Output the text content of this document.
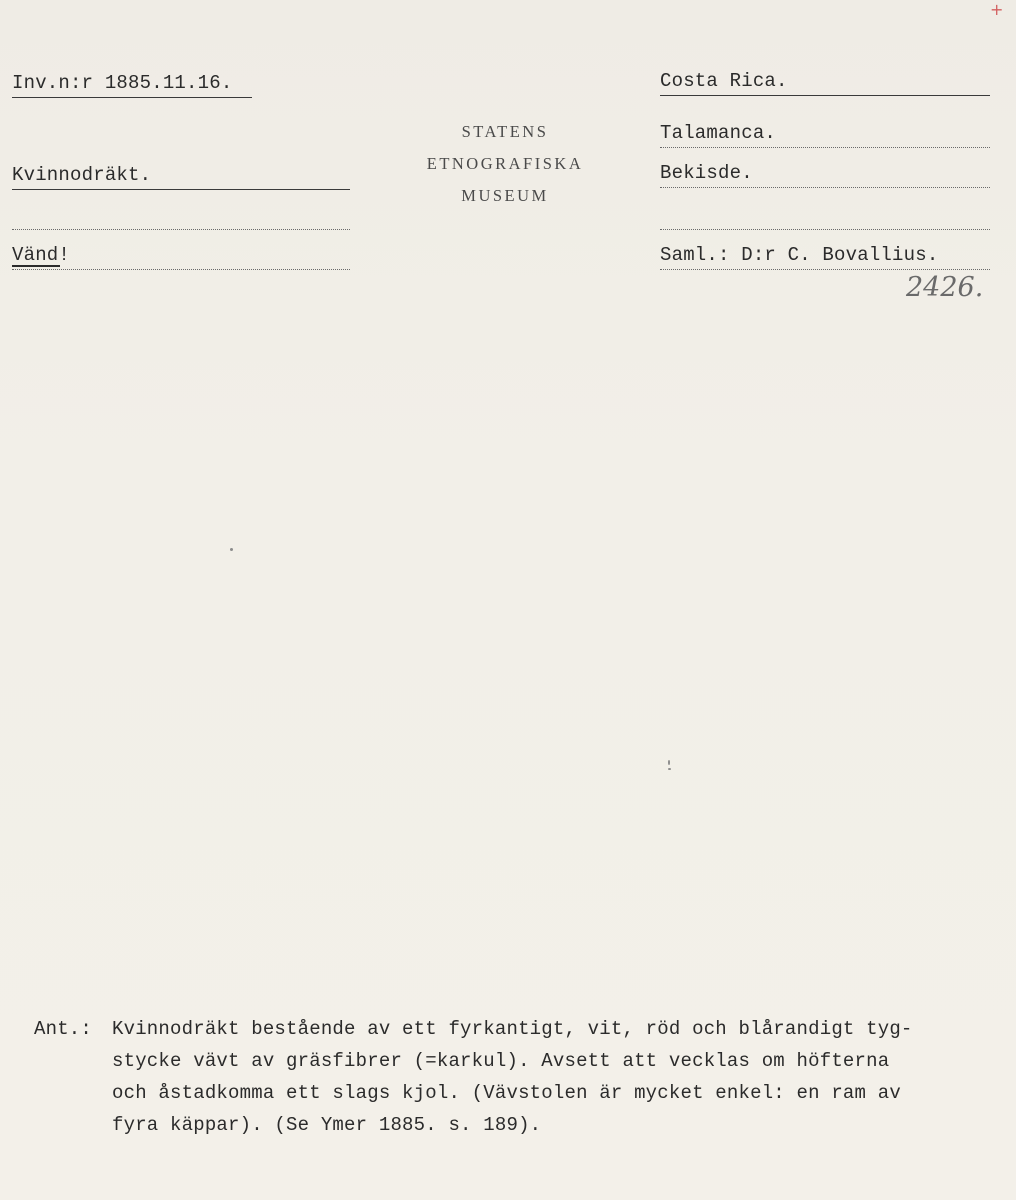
Inv.n:r 1885.11.16.
Kvinnodräkt.
Vänd!
STATENS
ETNOGRAFISKA
MUSEUM
Costa Rica.
Talamanca.
Bekisde.
Saml.: D:r C. Bovallius.
2426.
+
Ant.: Kvinnodräkt bestående av ett fyrkantigt, vit, röd och blårandigt tyg-
stycke vävt av gräsfibrer (=karkul). Avsett att vecklas om höfterna
och åstadkomma ett slags kjol. (Vävstolen är mycket enkel: en ram av
fyra käppar). (Se Ymer 1885. s. 189).
